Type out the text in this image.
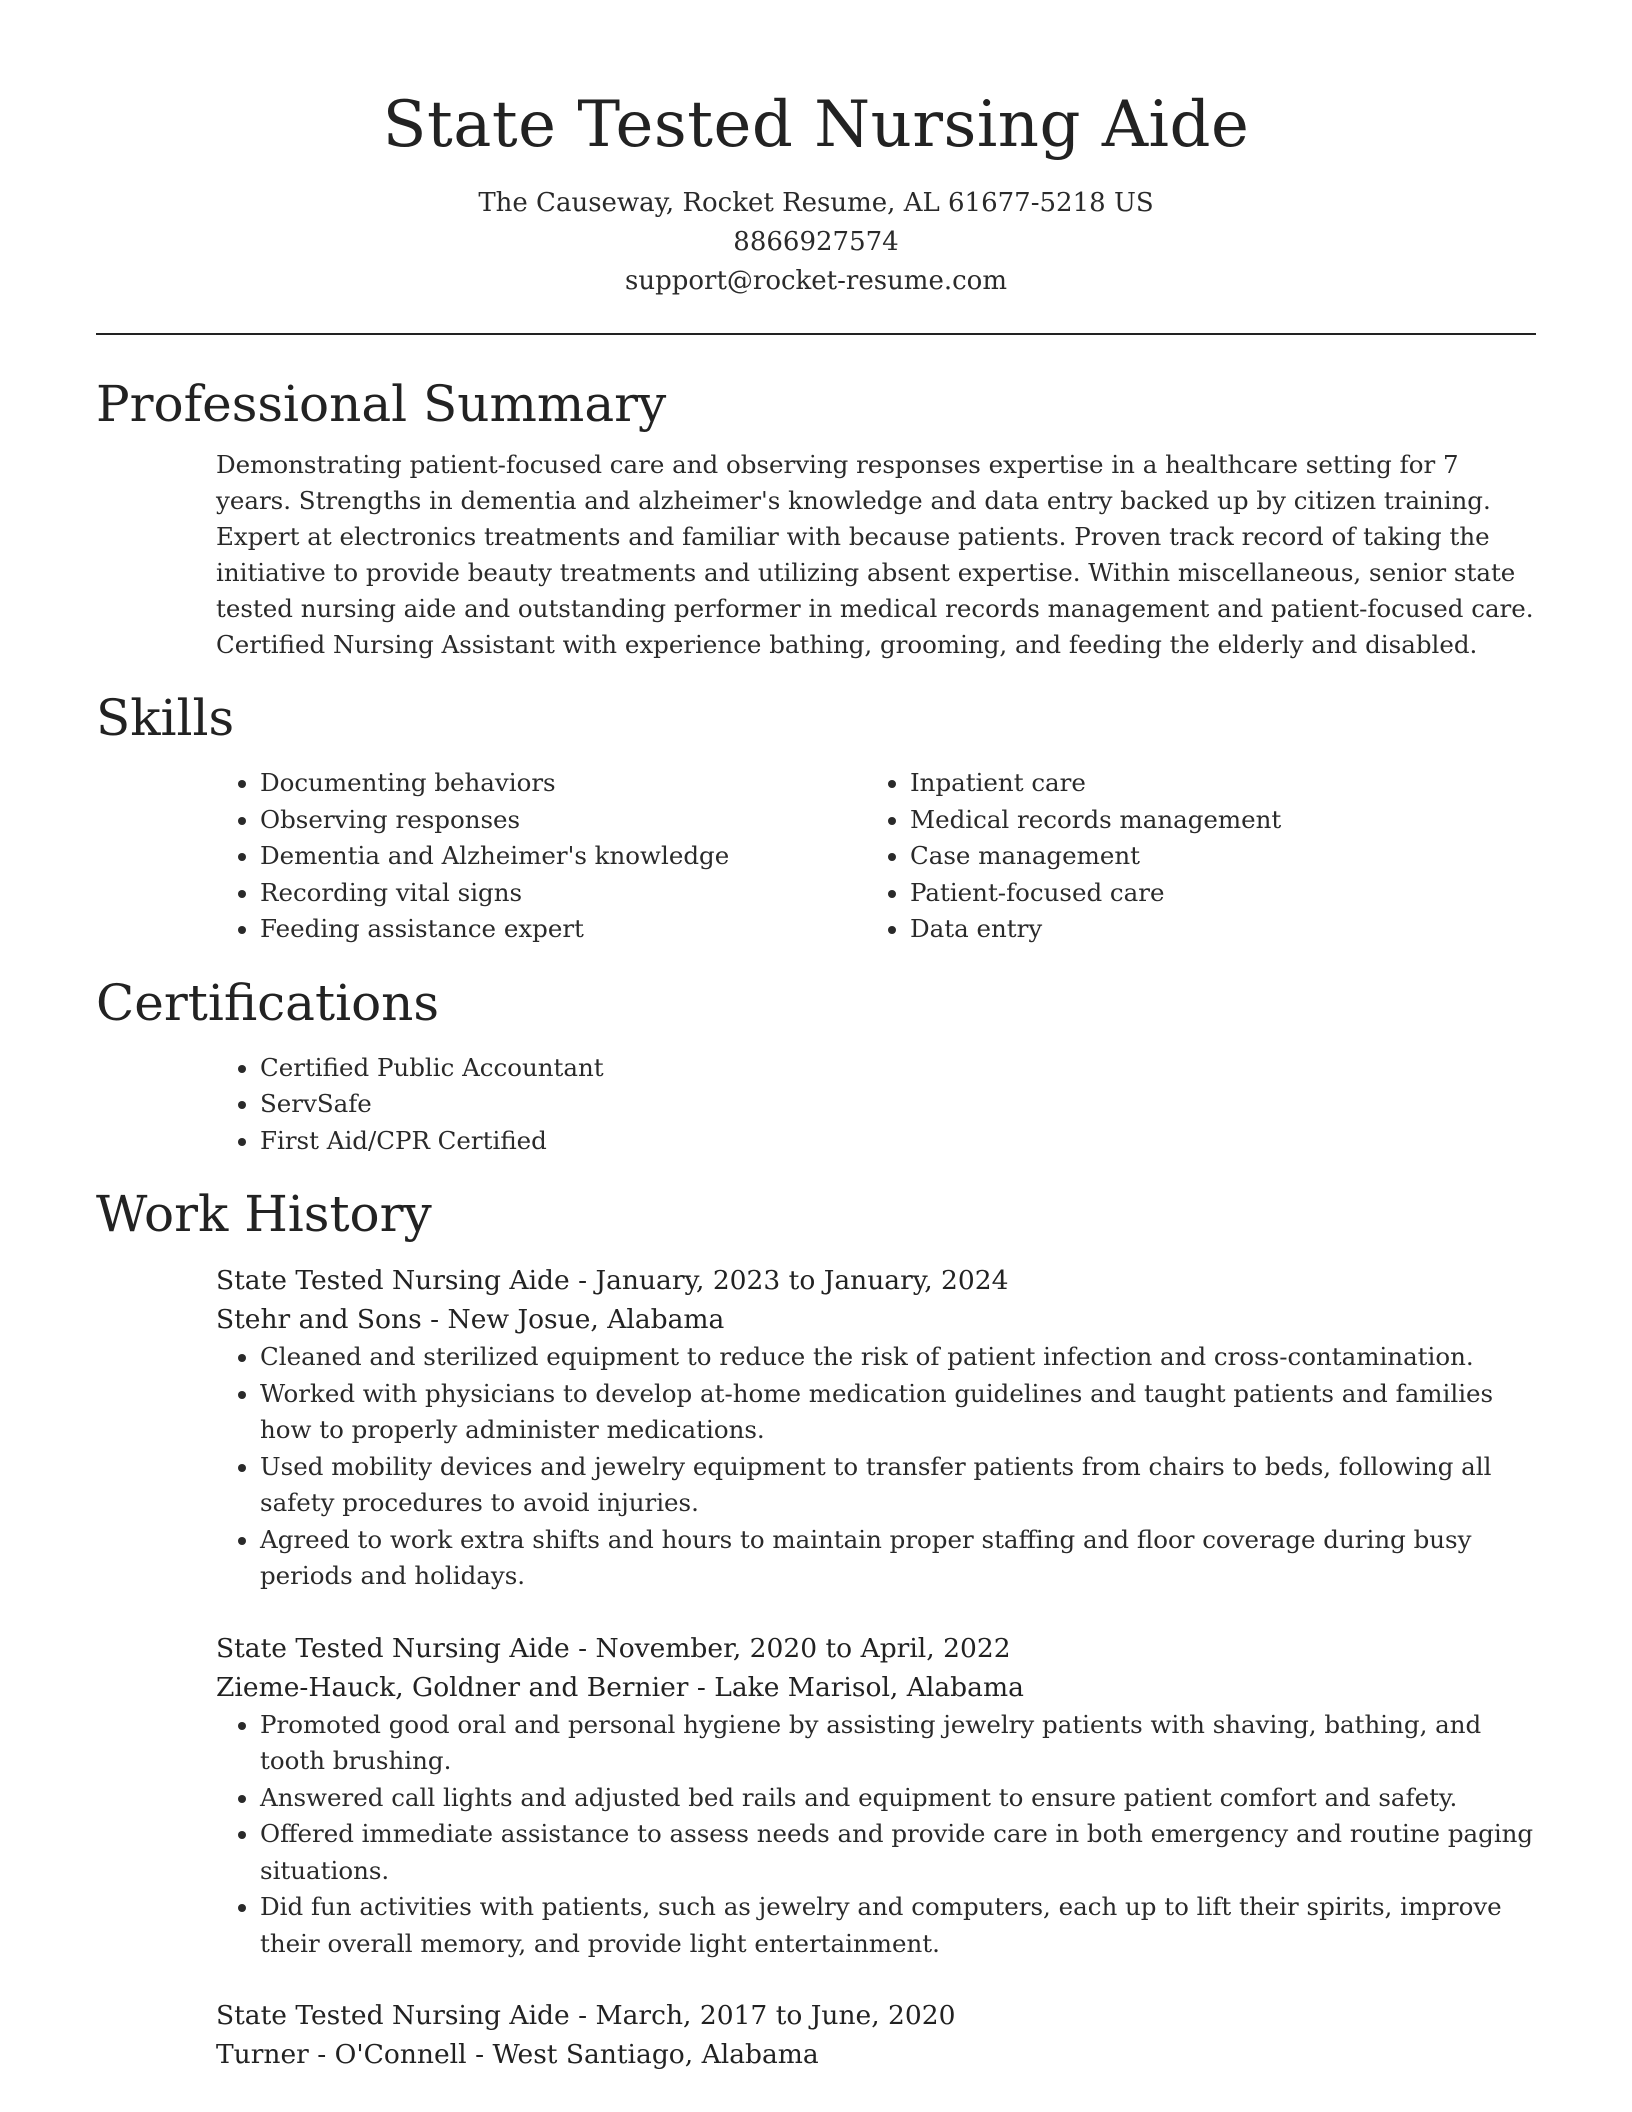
State Tested Nursing Aide
The Causeway, Rocket Resume, AL 61677-5218 US
8866927574
support@rocket-resume.com
Professional Summary
Demonstrating patient-focused care and observing responses expertise in a healthcare setting for 7 years. Strengths in dementia and alzheimer's knowledge and data entry backed up by citizen training. Expert at electronics treatments and familiar with because patients. Proven track record of taking the initiative to provide beauty treatments and utilizing absent expertise. Within miscellaneous, senior state tested nursing aide and outstanding performer in medical records management and patient-focused care. Certified Nursing Assistant with experience bathing, grooming, and feeding the elderly and disabled.
Skills
• Documenting behaviors
• Observing responses
• Dementia and Alzheimer's knowledge
• Recording vital signs
• Feeding assistance expert
• Inpatient care
• Medical records management
• Case management
• Patient-focused care
• Data entry
Certifications
• Certified Public Accountant
• ServSafe
• First Aid/CPR Certified
Work History
State Tested Nursing Aide - January, 2023 to January, 2024
Stehr and Sons - New Josue, Alabama
• Cleaned and sterilized equipment to reduce the risk of patient infection and cross-contamination.
• Worked with physicians to develop at-home medication guidelines and taught patients and families how to properly administer medications.
• Used mobility devices and jewelry equipment to transfer patients from chairs to beds, following all safety procedures to avoid injuries.
• Agreed to work extra shifts and hours to maintain proper staffing and floor coverage during busy periods and holidays.
State Tested Nursing Aide - November, 2020 to April, 2022
Zieme-Hauck, Goldner and Bernier - Lake Marisol, Alabama
• Promoted good oral and personal hygiene by assisting jewelry patients with shaving, bathing, and tooth brushing.
• Answered call lights and adjusted bed rails and equipment to ensure patient comfort and safety.
• Offered immediate assistance to assess needs and provide care in both emergency and routine paging situations.
• Did fun activities with patients, such as jewelry and computers, each up to lift their spirits, improve their overall memory, and provide light entertainment.
State Tested Nursing Aide - March, 2017 to June, 2020
Turner - O'Connell - West Santiago, Alabama
